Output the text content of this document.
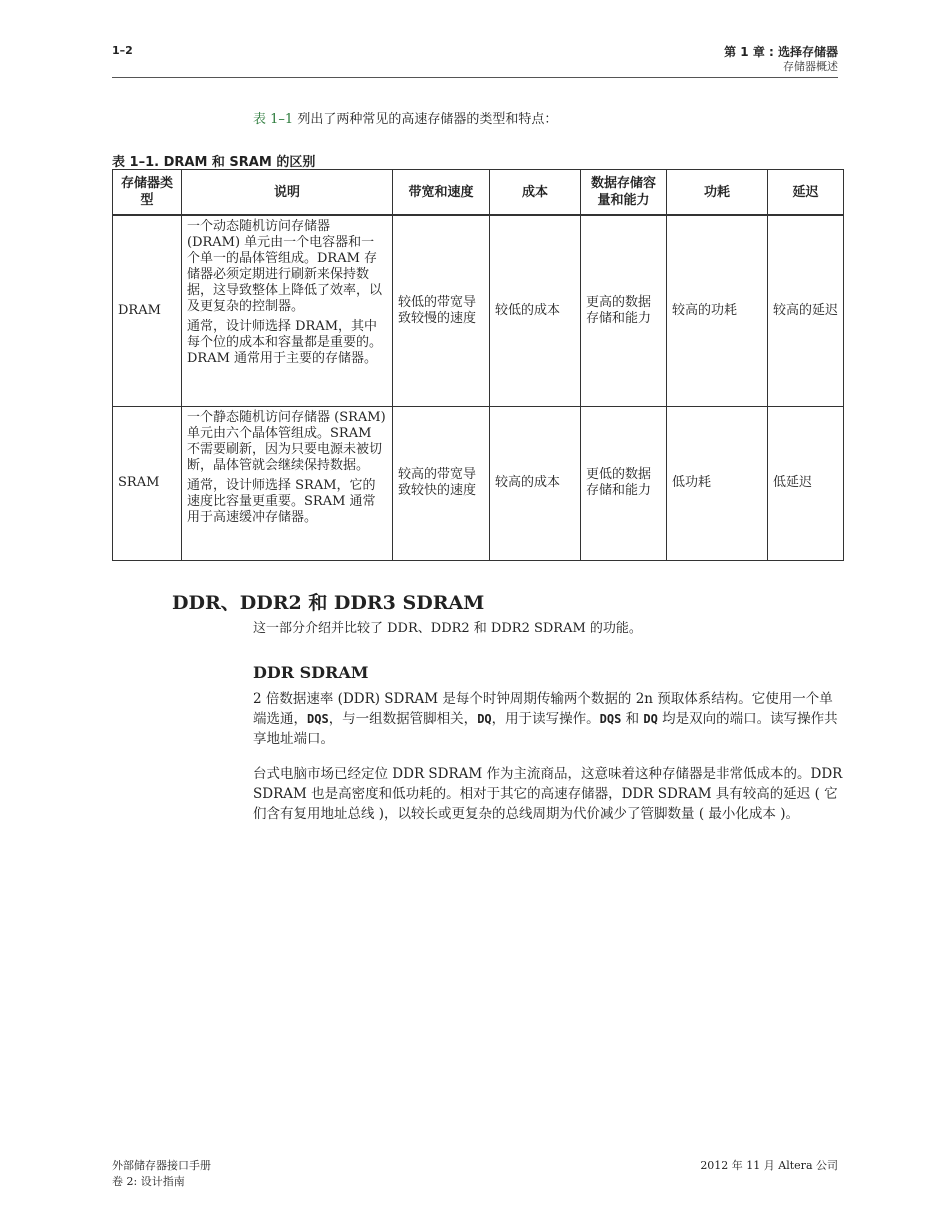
1–2	第 1 章 : 选择存储器
存储器概述
表 1–1 列出了两种常见的高速存储器的类型和特点：
表 1–1. DRAM 和 SRAM 的区别
存储器类型	说明	带宽和速度	成本	数据存储容量和能力	功耗	延迟
DRAM	一个动态随机访问存储器 (DRAM) 单元由一个电容器和一个单一的晶体管组成。DRAM 存储器必须定期进行刷新来保持数据，这导致整体上降低了效率，以及更复杂的控制器。

通常，设计师选择 DRAM，其中每个位的成本和容量都是重要的。DRAM 通常用于主要的存储器。	较低的带宽导致较慢的速度	较低的成本	更高的数据存储和能力	较高的功耗	较高的延迟
SRAM	一个静态随机访问存储器 (SRAM) 单元由六个晶体管组成。SRAM 不需要刷新，因为只要电源未被切断，晶体管就会继续保持数据。

通常，设计师选择 SRAM，它的速度比容量更重要。SRAM 通常用于高速缓冲存储器。	较高的带宽导致较快的速度	较高的成本	更低的数据存储和能力	低功耗	低延迟
DDR、DDR2 和 DDR3 SDRAM
这一部分介绍并比较了 DDR、DDR2 和 DDR2 SDRAM 的功能。
DDR SDRAM

2 倍数据速率 (DDR) SDRAM 是每个时钟周期传输两个数据的 2n 预取体系结构。它使用一个单端选通，DQS，与一组数据管脚相关，DQ，用于读写操作。DQS 和 DQ 均是双向的端口。读写操作共享地址端口。

台式电脑市场已经定位 DDR SDRAM 作为主流商品，这意味着这种存储器是非常低成本的。DDR SDRAM 也是高密度和低功耗的。相对于其它的高速存储器，DDR SDRAM 具有较高的延迟 ( 它们含有复用地址总线 )，以较长或更复杂的总线周期为代价减少了管脚数量 ( 最小化成本 )。

外部储存器接口手册
卷 2: 设计指南
2012 年 11 月 Altera 公司
